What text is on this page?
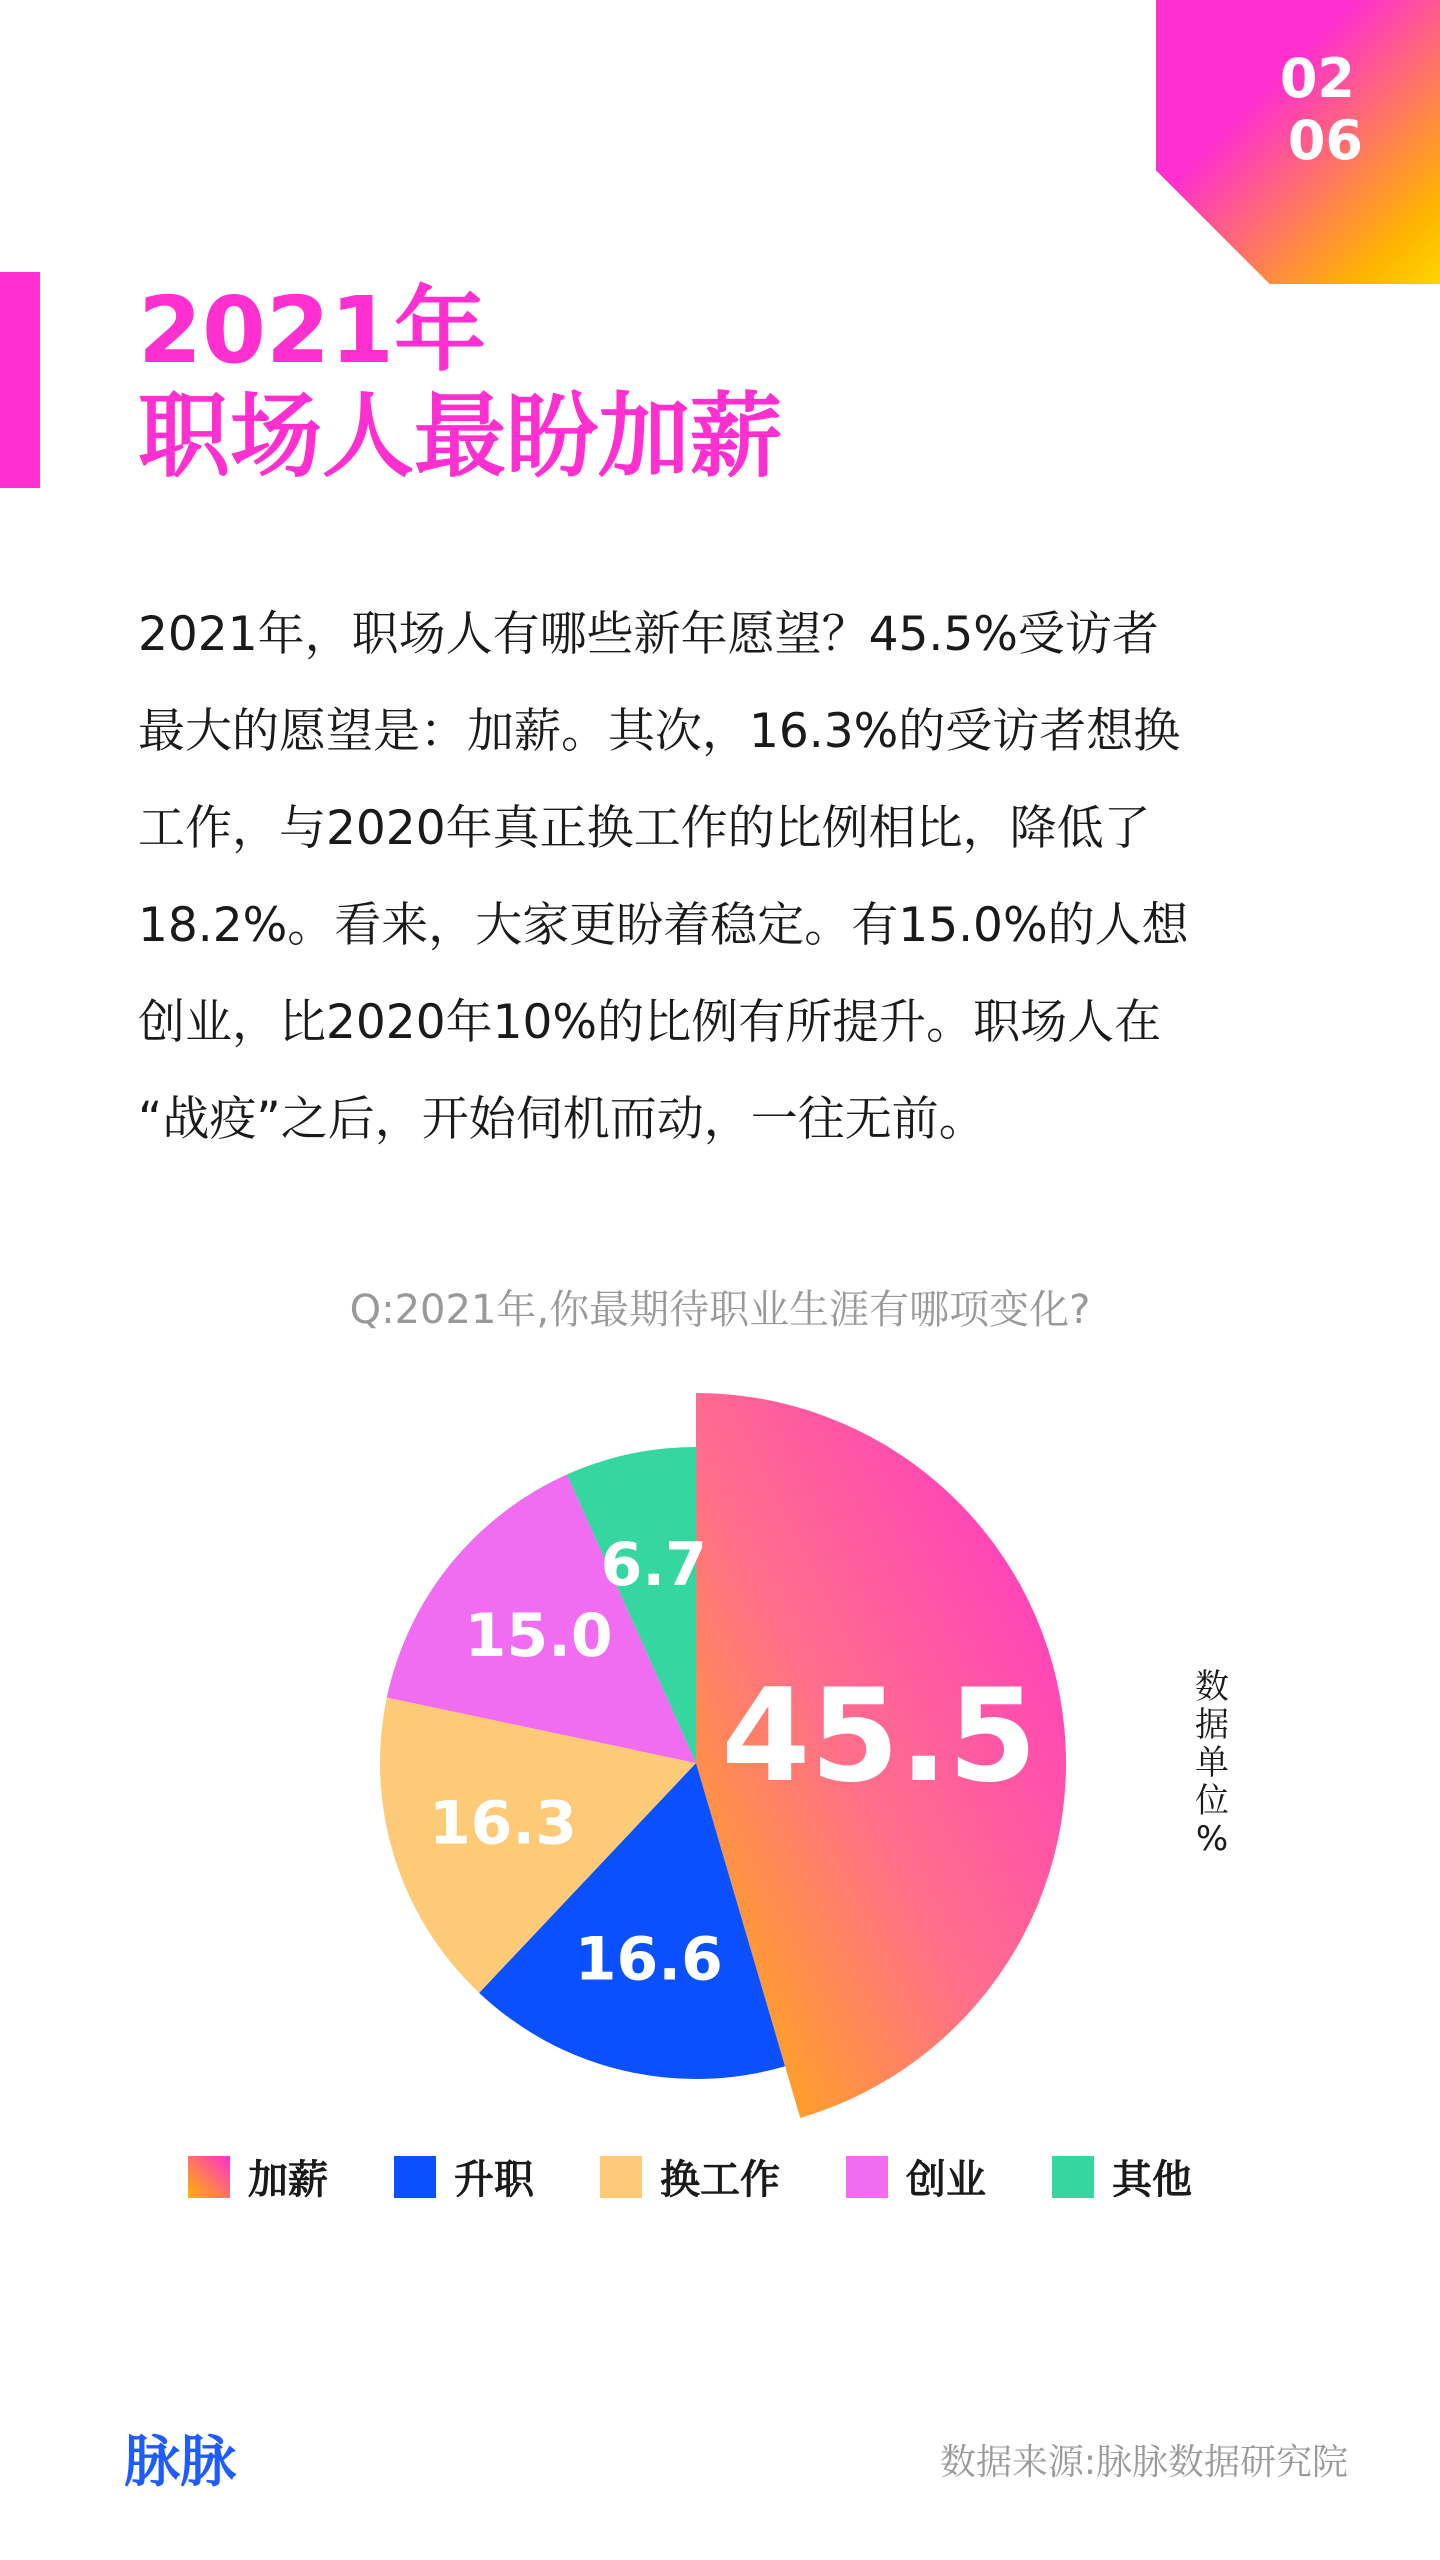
02
06
2021年
职场人最盼加薪
2021年，职场人有哪些新年愿望？45.5%受访者
最大的愿望是：加薪。其次，16.3%的受访者想换
工作，与2020年真正换工作的比例相比，降低了
18.2%。看来，大家更盼着稳定。有15.0%的人想
创业，比2020年10%的比例有所提升。职场人在
“战疫”之后，开始伺机而动，一往无前。
Q:2021年,你最期待职业生涯有哪项变化?
45.5
16.6
16.3
15.0
6.7
数
据
单
位
%
加薪	升职	换工作	创业	其他
脉脉	数据来源:脉脉数据研究院
